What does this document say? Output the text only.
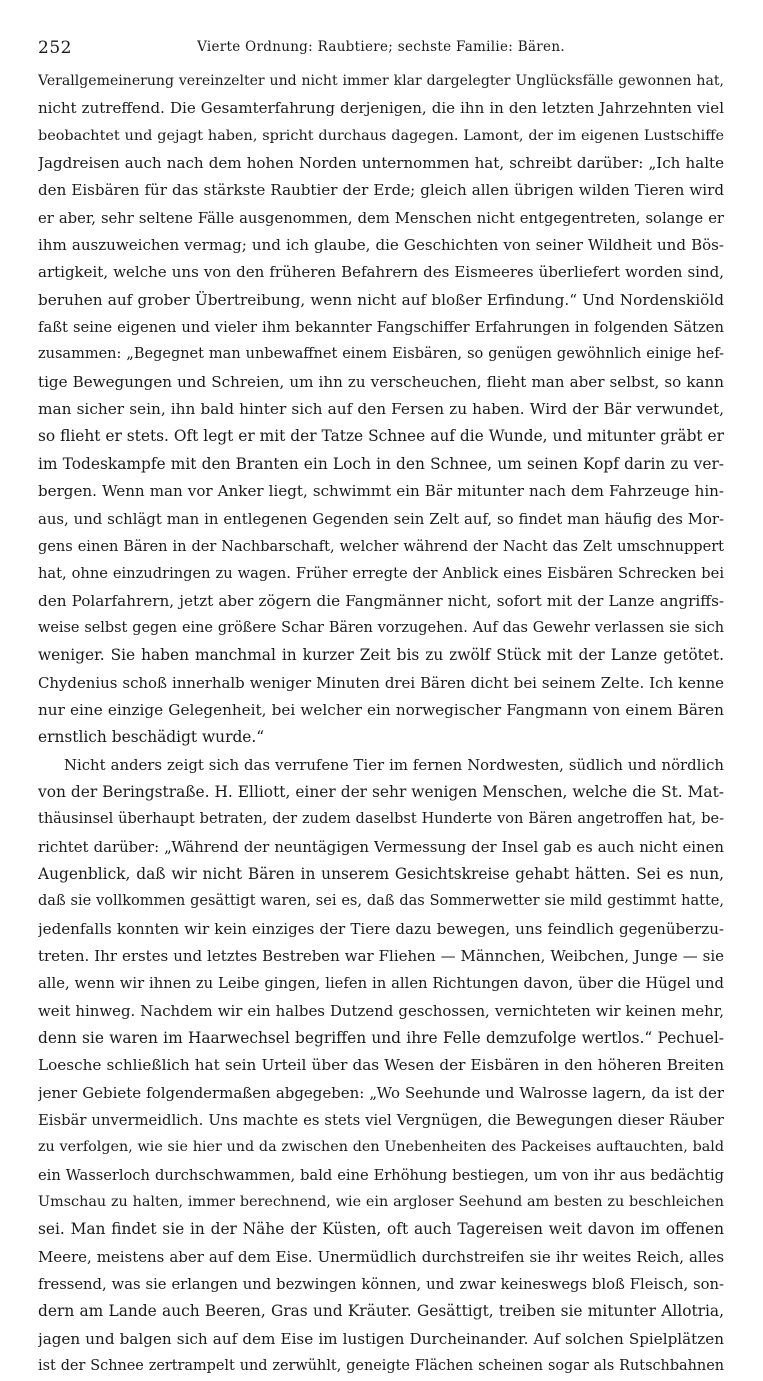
252	Vierte Ordnung: Raubtiere; sechste Familie: Bären.
Verallgemeinerung vereinzelter und nicht immer klar dargelegter Unglücksfälle gewonnen hat,
nicht zutreffend. Die Gesamterfahrung derjenigen, die ihn in den letzten Jahrzehnten viel
beobachtet und gejagt haben, spricht durchaus dagegen. Lamont, der im eigenen Lustschiffe
Jagdreisen auch nach dem hohen Norden unternommen hat, schreibt darüber: „Ich halte
den Eisbären für das stärkste Raubtier der Erde; gleich allen übrigen wilden Tieren wird
er aber, sehr seltene Fälle ausgenommen, dem Menschen nicht entgegentreten, solange er
ihm auszuweichen vermag; und ich glaube, die Geschichten von seiner Wildheit und Bös-
artigkeit, welche uns von den früheren Befahrern des Eismeeres überliefert worden sind,
beruhen auf grober Übertreibung, wenn nicht auf bloßer Erfindung.“ Und Nordenskiöld
faßt seine eigenen und vieler ihm bekannter Fangschiffer Erfahrungen in folgenden Sätzen
zusammen: „Begegnet man unbewaffnet einem Eisbären, so genügen gewöhnlich einige hef-
tige Bewegungen und Schreien, um ihn zu verscheuchen, flieht man aber selbst, so kann
man sicher sein, ihn bald hinter sich auf den Fersen zu haben. Wird der Bär verwundet,
so flieht er stets. Oft legt er mit der Tatze Schnee auf die Wunde, und mitunter gräbt er
im Todeskampfe mit den Branten ein Loch in den Schnee, um seinen Kopf darin zu ver-
bergen. Wenn man vor Anker liegt, schwimmt ein Bär mitunter nach dem Fahrzeuge hin-
aus, und schlägt man in entlegenen Gegenden sein Zelt auf, so findet man häufig des Mor-
gens einen Bären in der Nachbarschaft, welcher während der Nacht das Zelt umschnuppert
hat, ohne einzudringen zu wagen. Früher erregte der Anblick eines Eisbären Schrecken bei
den Polarfahrern, jetzt aber zögern die Fangmänner nicht, sofort mit der Lanze angriffs-
weise selbst gegen eine größere Schar Bären vorzugehen. Auf das Gewehr verlassen sie sich
weniger. Sie haben manchmal in kurzer Zeit bis zu zwölf Stück mit der Lanze getötet.
Chydenius schoß innerhalb weniger Minuten drei Bären dicht bei seinem Zelte. Ich kenne
nur eine einzige Gelegenheit, bei welcher ein norwegischer Fangmann von einem Bären
ernstlich beschädigt wurde.“
Nicht anders zeigt sich das verrufene Tier im fernen Nordwesten, südlich und nördlich
von der Beringstraße. H. Elliott, einer der sehr wenigen Menschen, welche die St. Mat-
thäusinsel überhaupt betraten, der zudem daselbst Hunderte von Bären angetroffen hat, be-
richtet darüber: „Während der neuntägigen Vermessung der Insel gab es auch nicht einen
Augenblick, daß wir nicht Bären in unserem Gesichtskreise gehabt hätten. Sei es nun,
daß sie vollkommen gesättigt waren, sei es, daß das Sommerwetter sie mild gestimmt hatte,
jedenfalls konnten wir kein einziges der Tiere dazu bewegen, uns feindlich gegenüberzu-
treten. Ihr erstes und letztes Bestreben war Fliehen — Männchen, Weibchen, Junge — sie
alle, wenn wir ihnen zu Leibe gingen, liefen in allen Richtungen davon, über die Hügel und
weit hinweg. Nachdem wir ein halbes Dutzend geschossen, vernichteten wir keinen mehr,
denn sie waren im Haarwechsel begriffen und ihre Felle demzufolge wertlos.“ Pechuel-
Loesche schließlich hat sein Urteil über das Wesen der Eisbären in den höheren Breiten
jener Gebiete folgendermaßen abgegeben: „Wo Seehunde und Walrosse lagern, da ist der
Eisbär unvermeidlich. Uns machte es stets viel Vergnügen, die Bewegungen dieser Räuber
zu verfolgen, wie sie hier und da zwischen den Unebenheiten des Packeises auftauchten, bald
ein Wasserloch durchschwammen, bald eine Erhöhung bestiegen, um von ihr aus bedächtig
Umschau zu halten, immer berechnend, wie ein argloser Seehund am besten zu beschleichen
sei. Man findet sie in der Nähe der Küsten, oft auch Tagereisen weit davon im offenen
Meere, meistens aber auf dem Eise. Unermüdlich durchstreifen sie ihr weites Reich, alles
fressend, was sie erlangen und bezwingen können, und zwar keineswegs bloß Fleisch, son-
dern am Lande auch Beeren, Gras und Kräuter. Gesättigt, treiben sie mitunter Allotria,
jagen und balgen sich auf dem Eise im lustigen Durcheinander. Auf solchen Spielplätzen
ist der Schnee zertrampelt und zerwühlt, geneigte Flächen scheinen sogar als Rutschbahnen
